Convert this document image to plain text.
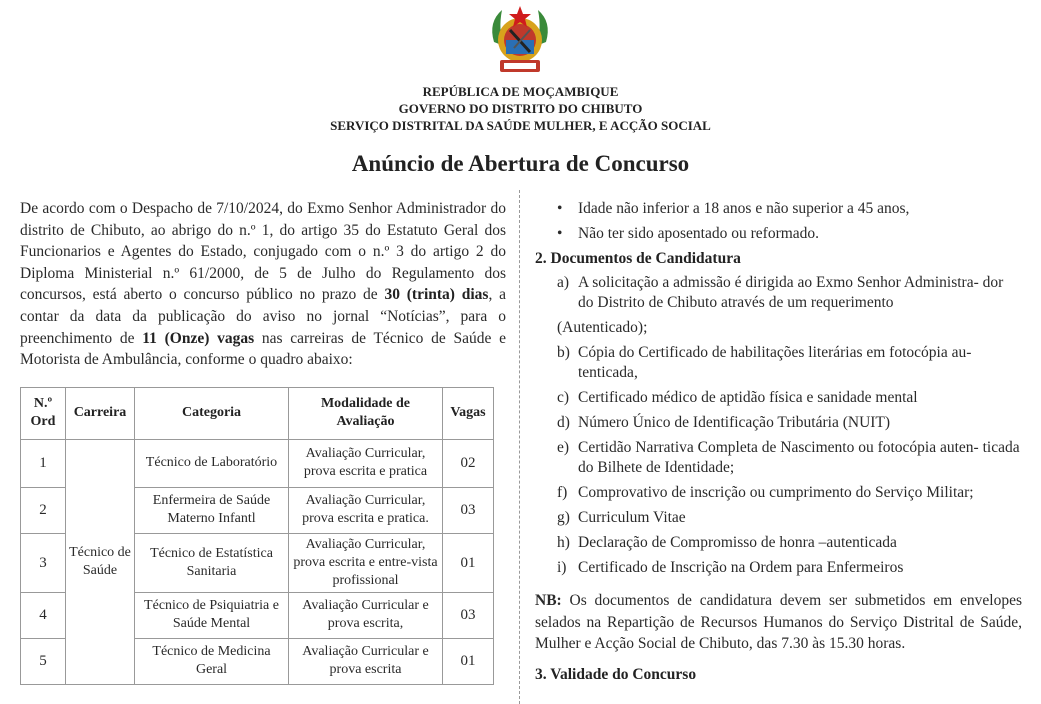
REPÚBLICA DE MOÇAMBIQUE
GOVERNO DO DISTRITO DO CHIBUTO
SERVIÇO DISTRITAL DA SAÚDE MULHER, E ACÇÃO SOCIAL
Anúncio de Abertura de Concurso
De acordo com o Despacho de 7/10/2024, do Exmo Senhor Administrador do distrito de Chibuto, ao abrigo do n.º 1, do artigo 35 do Estatuto Geral dos Funcionarios e Agentes do Estado, conjugado com o n.º 3 do artigo 2 do Diploma Ministerial n.º 61/2000, de 5 de Julho do Regulamento dos concursos, está aberto o concurso público no prazo de 30 (trinta) dias, a contar da data da publicação do aviso no jornal “Notícias”, para o preenchimento de 11 (Onze) vagas nas carreiras de Técnico de Saúde e Motorista de Ambulância, conforme o quadro abaixo:
N.º Ord	Carreira	Categoria	Modalidade de Avaliação	Vagas
1	Técnico de Saúde	Técnico de Laboratório	Avaliação Curricular, prova escrita e pratica	02
2		Enfermeira de Saúde Materno Infantl	Avaliação Curricular, prova escrita e pratica.	03
3		Técnico de Estatística Sanitaria	Avaliação Curricular, prova escrita e entre-vista profissional	01
4		Técnico de Psiquiatria e Saúde Mental	Avaliação Curricular e prova escrita,	03
5		Técnico de Medicina Geral	Avaliação Curricular e prova escrita	01
•	Idade não inferior a 18 anos e não superior a 45 anos,
•	Não ter sido aposentado ou reformado.
2. Documentos de Candidatura
a) A solicitação a admissão é dirigida ao Exmo Senhor Administra- dor do Distrito de Chibuto através de um requerimento
(Autenticado);
b) Cópia do Certificado de habilitações literárias em fotocópia au- tenticada,
c) Certificado médico de aptidão física e sanidade mental
d) Número Único de Identificação Tributária (NUIT)
e) Certidão Narrativa Completa de Nascimento ou fotocópia auten- ticada do Bilhete de Identidade;
f) Comprovativo de inscrição ou cumprimento do Serviço Militar;
g) Curriculum Vitae
h) Declaração de Compromisso de honra –autenticada
i) Certificado de Inscrição na Ordem para Enfermeiros
NB: Os documentos de candidatura devem ser submetidos em envelopes selados na Repartição de Recursos Humanos do Serviço Distrital de Saúde, Mulher e Acção Social de Chibuto, das 7.30 às 15.30 horas.
3. Validade do Concurso
